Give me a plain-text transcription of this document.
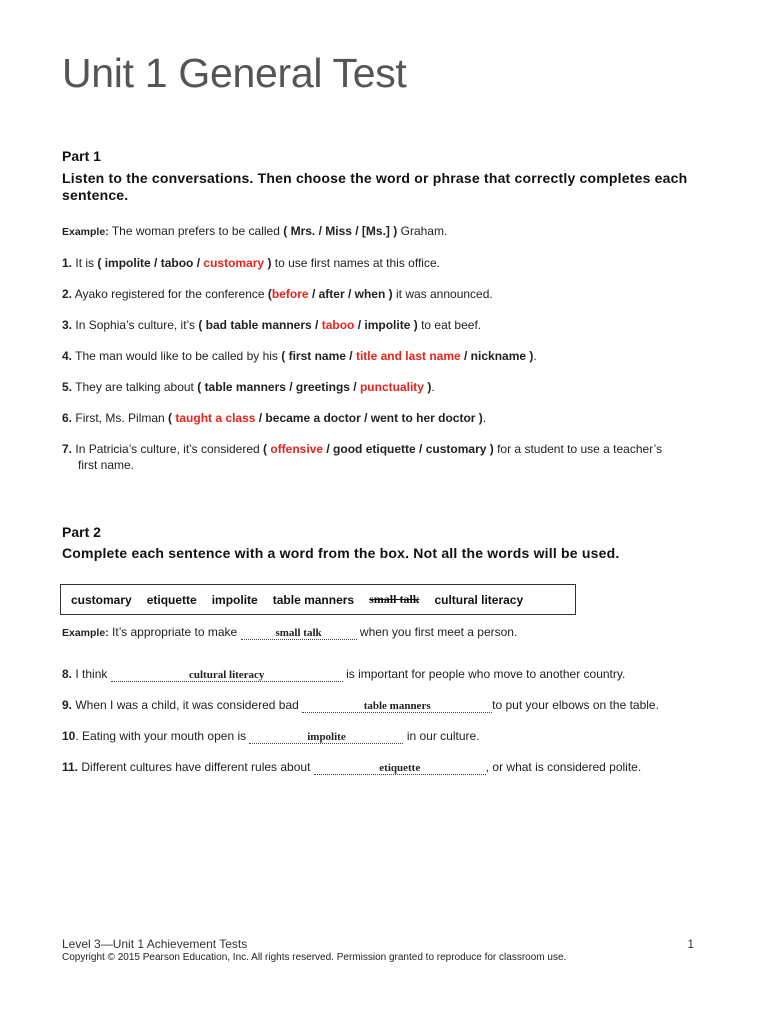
Unit 1 General Test
Part 1
Listen to the conversations. Then choose the word or phrase that correctly completes each sentence.
Example: The woman prefers to be called ( Mrs. / Miss / [Ms.] ) Graham.
1. It is ( impolite / taboo / customary ) to use first names at this office.
2. Ayako registered for the conference (before / after / when ) it was announced.
3. In Sophia’s culture, it’s ( bad table manners / taboo / impolite ) to eat beef.
4. The man would like to be called by his ( first name / title and last name / nickname ).
5. They are talking about ( table manners / greetings / punctuality ).
6. First, Ms. Pilman ( taught a class / became a doctor / went to her doctor ).
7. In Patricia’s culture, it’s considered ( offensive / good etiquette / customary ) for a student to use a teacher’s
first name.
Part 2
Complete each sentence with a word from the box. Not all the words will be used.
customary etiquette impolite table manners small talk cultural literacy
Example: It’s appropriate to make	small talk	when you first meet a person.
8. I think	cultural literacy	is important for people who move to another country.
9. When I was a child, it was considered bad	table manners	to put your elbows on the table.
10. Eating with your mouth open is	impolite	in our culture.
11. Different cultures have different rules about	etiquette	, or what is considered polite.
Level 3—Unit 1 Achievement Tests	1
Copyright © 2015 Pearson Education, Inc. All rights reserved. Permission granted to reproduce for classroom use.
